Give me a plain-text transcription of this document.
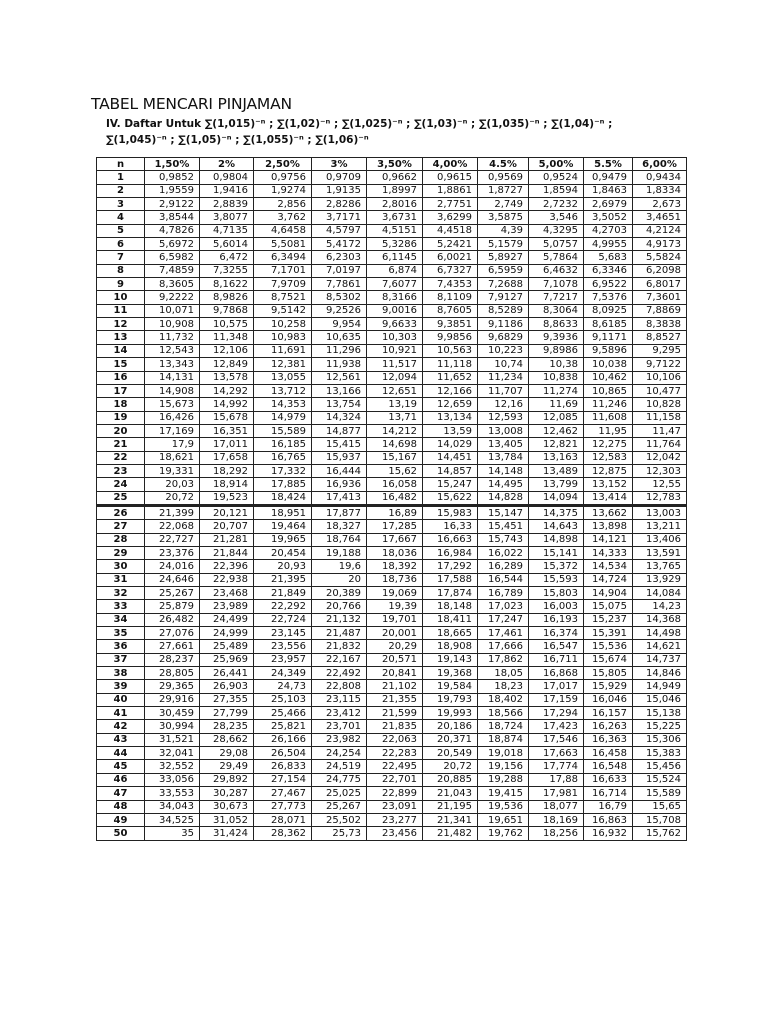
TABEL MENCARI PINJAMAN
IV. Daftar Untuk ∑(1,015)⁻ⁿ ; ∑(1,02)⁻ⁿ ; ∑(1,025)⁻ⁿ ; ∑(1,03)⁻ⁿ ; ∑(1,035)⁻ⁿ ; ∑(1,04)⁻ⁿ ;
∑(1,045)⁻ⁿ ; ∑(1,05)⁻ⁿ ; ∑(1,055)⁻ⁿ ; ∑(1,06)⁻ⁿ
n	1,50%	2%	2,50%	3%	3,50%	4,00%	4.5%	5,00%	5.5%	6,00%
1	0,9852	0,9804	0,9756	0,9709	0,9662	0,9615	0,9569	0,9524	0,9479	0,9434
2	1,9559	1,9416	1,9274	1,9135	1,8997	1,8861	1,8727	1,8594	1,8463	1,8334
3	2,9122	2,8839	2,856	2,8286	2,8016	2,7751	2,749	2,7232	2,6979	2,673
4	3,8544	3,8077	3,762	3,7171	3,6731	3,6299	3,5875	3,546	3,5052	3,4651
5	4,7826	4,7135	4,6458	4,5797	4,5151	4,4518	4,39	4,3295	4,2703	4,2124
6	5,6972	5,6014	5,5081	5,4172	5,3286	5,2421	5,1579	5,0757	4,9955	4,9173
7	6,5982	6,472	6,3494	6,2303	6,1145	6,0021	5,8927	5,7864	5,683	5,5824
8	7,4859	7,3255	7,1701	7,0197	6,874	6,7327	6,5959	6,4632	6,3346	6,2098
9	8,3605	8,1622	7,9709	7,7861	7,6077	7,4353	7,2688	7,1078	6,9522	6,8017
10	9,2222	8,9826	8,7521	8,5302	8,3166	8,1109	7,9127	7,7217	7,5376	7,3601
11	10,071	9,7868	9,5142	9,2526	9,0016	8,7605	8,5289	8,3064	8,0925	7,8869
12	10,908	10,575	10,258	9,954	9,6633	9,3851	9,1186	8,8633	8,6185	8,3838
13	11,732	11,348	10,983	10,635	10,303	9,9856	9,6829	9,3936	9,1171	8,8527
14	12,543	12,106	11,691	11,296	10,921	10,563	10,223	9,8986	9,5896	9,295
15	13,343	12,849	12,381	11,938	11,517	11,118	10,74	10,38	10,038	9,7122
16	14,131	13,578	13,055	12,561	12,094	11,652	11,234	10,838	10,462	10,106
17	14,908	14,292	13,712	13,166	12,651	12,166	11,707	11,274	10,865	10,477
18	15,673	14,992	14,353	13,754	13,19	12,659	12,16	11,69	11,246	10,828
19	16,426	15,678	14,979	14,324	13,71	13,134	12,593	12,085	11,608	11,158
20	17,169	16,351	15,589	14,877	14,212	13,59	13,008	12,462	11,95	11,47
21	17,9	17,011	16,185	15,415	14,698	14,029	13,405	12,821	12,275	11,764
22	18,621	17,658	16,765	15,937	15,167	14,451	13,784	13,163	12,583	12,042
23	19,331	18,292	17,332	16,444	15,62	14,857	14,148	13,489	12,875	12,303
24	20,03	18,914	17,885	16,936	16,058	15,247	14,495	13,799	13,152	12,55
25	20,72	19,523	18,424	17,413	16,482	15,622	14,828	14,094	13,414	12,783
26	21,399	20,121	18,951	17,877	16,89	15,983	15,147	14,375	13,662	13,003
27	22,068	20,707	19,464	18,327	17,285	16,33	15,451	14,643	13,898	13,211
28	22,727	21,281	19,965	18,764	17,667	16,663	15,743	14,898	14,121	13,406
29	23,376	21,844	20,454	19,188	18,036	16,984	16,022	15,141	14,333	13,591
30	24,016	22,396	20,93	19,6	18,392	17,292	16,289	15,372	14,534	13,765
31	24,646	22,938	21,395	20	18,736	17,588	16,544	15,593	14,724	13,929
32	25,267	23,468	21,849	20,389	19,069	17,874	16,789	15,803	14,904	14,084
33	25,879	23,989	22,292	20,766	19,39	18,148	17,023	16,003	15,075	14,23
34	26,482	24,499	22,724	21,132	19,701	18,411	17,247	16,193	15,237	14,368
35	27,076	24,999	23,145	21,487	20,001	18,665	17,461	16,374	15,391	14,498
36	27,661	25,489	23,556	21,832	20,29	18,908	17,666	16,547	15,536	14,621
37	28,237	25,969	23,957	22,167	20,571	19,143	17,862	16,711	15,674	14,737
38	28,805	26,441	24,349	22,492	20,841	19,368	18,05	16,868	15,805	14,846
39	29,365	26,903	24,73	22,808	21,102	19,584	18,23	17,017	15,929	14,949
40	29,916	27,355	25,103	23,115	21,355	19,793	18,402	17,159	16,046	15,046
41	30,459	27,799	25,466	23,412	21,599	19,993	18,566	17,294	16,157	15,138
42	30,994	28,235	25,821	23,701	21,835	20,186	18,724	17,423	16,263	15,225
43	31,521	28,662	26,166	23,982	22,063	20,371	18,874	17,546	16,363	15,306
44	32,041	29,08	26,504	24,254	22,283	20,549	19,018	17,663	16,458	15,383
45	32,552	29,49	26,833	24,519	22,495	20,72	19,156	17,774	16,548	15,456
46	33,056	29,892	27,154	24,775	22,701	20,885	19,288	17,88	16,633	15,524
47	33,553	30,287	27,467	25,025	22,899	21,043	19,415	17,981	16,714	15,589
48	34,043	30,673	27,773	25,267	23,091	21,195	19,536	18,077	16,79	15,65
49	34,525	31,052	28,071	25,502	23,277	21,341	19,651	18,169	16,863	15,708
50	35	31,424	28,362	25,73	23,456	21,482	19,762	18,256	16,932	15,762
